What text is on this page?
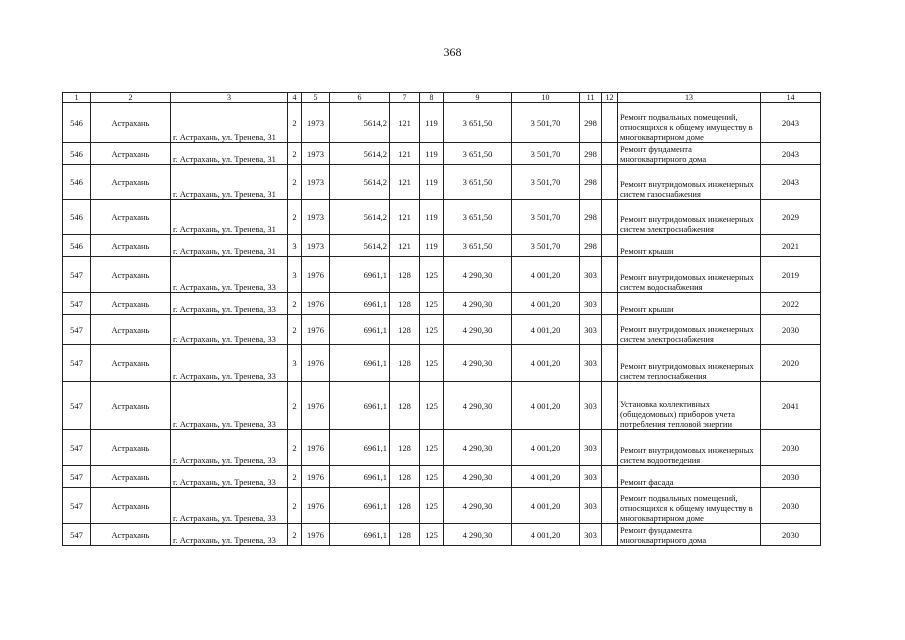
368
1	2	3	4	5	6	7	8	9	10	11	12	13	14
546	Астрахань	г. Астрахань, ул. Тренева, 31	2	1973	5614,2	121	119	3 651,50	3 501,70	298		Ремонт подвальных помещений, относящихся к общему имуществу в многоквартирном доме	2043
546	Астрахань	г. Астрахань, ул. Тренева, 31	2	1973	5614,2	121	119	3 651,50	3 501,70	298		Ремонт фундамента многоквартирного дома	2043
546	Астрахань	г. Астрахань, ул. Тренева, 31	2	1973	5614,2	121	119	3 651,50	3 501,70	298		Ремонт внутридомовых инженерных систем газоснабжения	2043
546	Астрахань	г. Астрахань, ул. Тренева, 31	2	1973	5614,2	121	119	3 651,50	3 501,70	298		Ремонт внутридомовых инженерных систем электроснабжения	2029
546	Астрахань	г. Астрахань, ул. Тренева, 31	3	1973	5614,2	121	119	3 651,50	3 501,70	298		Ремонт крыши	2021
547	Астрахань	г. Астрахань, ул. Тренева, 33	3	1976	6961,1	128	125	4 290,30	4 001,20	303		Ремонт внутридомовых инженерных систем водоснабжения	2019
547	Астрахань	г. Астрахань, ул. Тренева, 33	2	1976	6961,1	128	125	4 290,30	4 001,20	303		Ремонт крыши	2022
547	Астрахань	г. Астрахань, ул. Тренева, 33	2	1976	6961,1	128	125	4 290,30	4 001,20	303		Ремонт внутридомовых инженерных систем электроснабжения	2030
547	Астрахань	г. Астрахань, ул. Тренева, 33	3	1976	6961,1	128	125	4 290,30	4 001,20	303		Ремонт внутридомовых инженерных систем теплоснабжения	2020
547	Астрахань	г. Астрахань, ул. Тренева, 33	2	1976	6961,1	128	125	4 290,30	4 001,20	303		Установка коллективных (общедомовых) приборов учета потребления тепловой энергии	2041
547	Астрахань	г. Астрахань, ул. Тренева, 33	2	1976	6961,1	128	125	4 290,30	4 001,20	303		Ремонт внутридомовых инженерных систем водоотведения	2030
547	Астрахань	г. Астрахань, ул. Тренева, 33	2	1976	6961,1	128	125	4 290,30	4 001,20	303		Ремонт фасада	2030
547	Астрахань	г. Астрахань, ул. Тренева, 33	2	1976	6961,1	128	125	4 290,30	4 001,20	303		Ремонт подвальных помещений, относящихся к общему имуществу в многоквартирном доме	2030
547	Астрахань	г. Астрахань, ул. Тренева, 33	2	1976	6961,1	128	125	4 290,30	4 001,20	303		Ремонт фундамента многоквартирного дома	2030
